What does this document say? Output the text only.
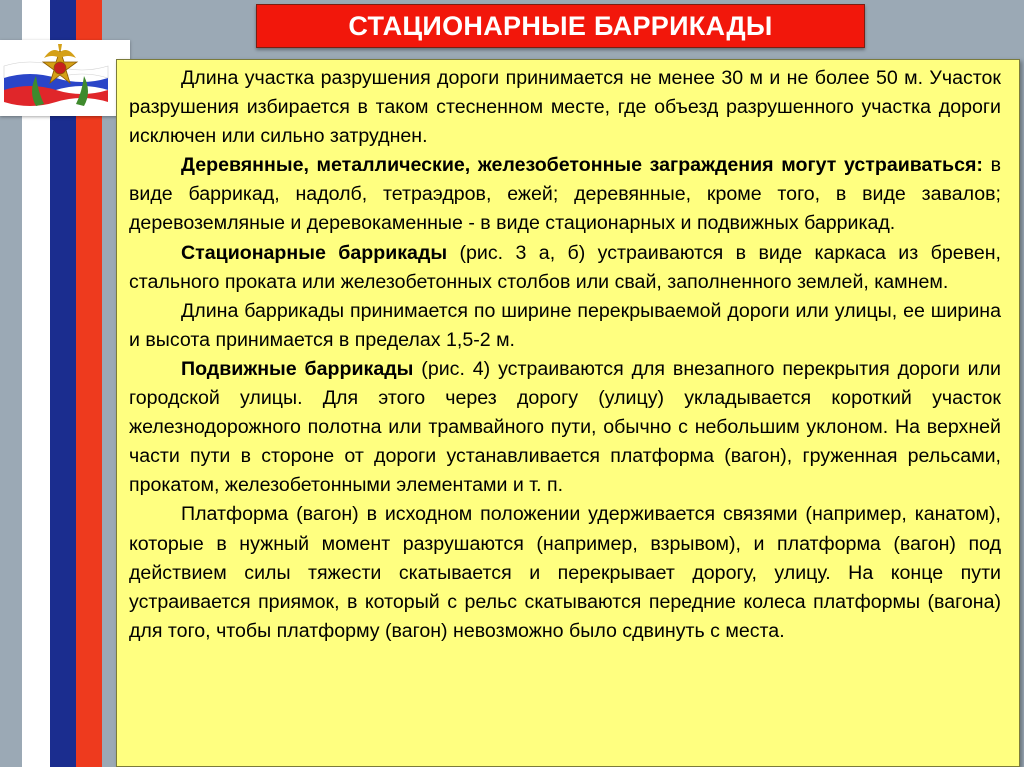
СТАЦИОНАРНЫЕ БАРРИКАДЫ

Длина участка разрушения дороги принимается не менее 30 м и не более 50 м. Участок разрушения избирается в таком стесненном месте, где объезд разрушенного участка дороги исключен или сильно затруднен.

Деревянные, металлические, железобетонные заграждения могут устраиваться: в виде баррикад, надолб, тетраэдров, ежей; деревянные, кроме того, в виде завалов; деревоземляные и деревокаменные - в виде стационарных и подвижных баррикад.

Стационарные баррикады (рис. 3 а, б) устраиваются в виде каркаса из бревен, стального проката или железобетонных столбов или свай, заполненного землей, камнем.

Длина баррикады принимается по ширине перекрываемой дороги или улицы, ее ширина и высота принимается в пределах 1,5-2 м.

Подвижные баррикады (рис. 4) устраиваются для внезапного перекрытия дороги или городской улицы. Для этого через дорогу (улицу) укладывается короткий участок железнодорожного полотна или трамвайного пути, обычно с небольшим уклоном. На верхней части пути в стороне от дороги устанавливается платформа (вагон), груженная рельсами, прокатом, железобетонными элементами и т. п.

Платформа (вагон) в исходном положении удерживается связями (например, канатом), которые в нужный момент разрушаются (например, взрывом), и платформа (вагон) под действием силы тяжести скатывается и перекрывает дорогу, улицу. На конце пути устраивается приямок, в который с рельс скатываются передние колеса платформы (вагона) для того, чтобы платформу (вагон) невозможно было сдвинуть с места.
